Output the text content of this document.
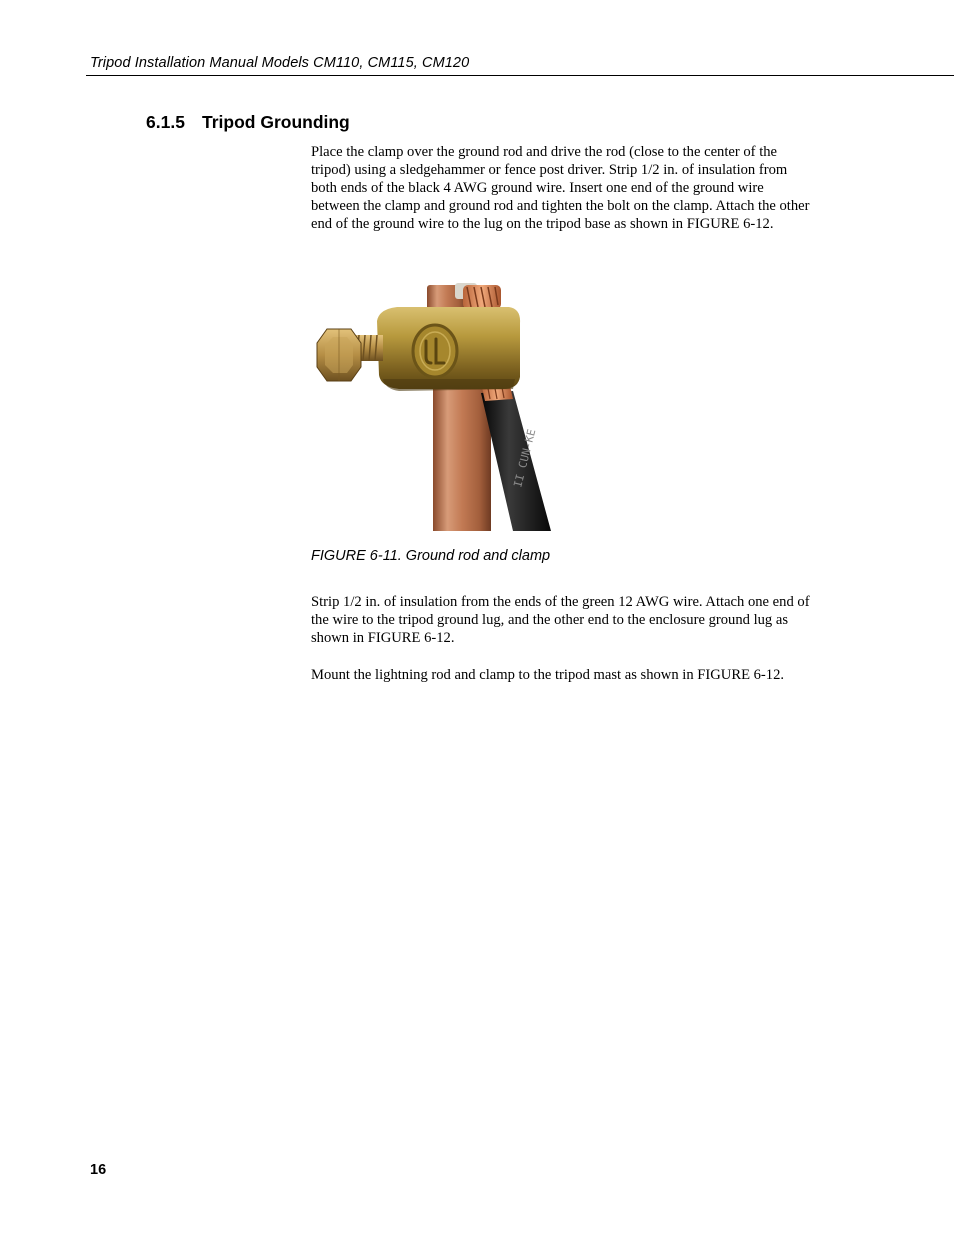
Tripod Installation Manual Models CM110, CM115, CM120
6.1.5 Tripod Grounding

Place the clamp over the ground rod and drive the rod (close to the center of the tripod) using a sledgehammer or fence post driver. Strip 1/2 in. of insulation from both ends of the black 4 AWG ground wire. Insert one end of the ground wire between the clamp and ground rod and tighten the bolt on the clamp. Attach the other end of the ground wire to the lug on the tripod base as shown in FIGURE 6-12.

II CUN-KE
FIGURE 6-11. Ground rod and clamp

Strip 1/2 in. of insulation from the ends of the green 12 AWG wire. Attach one end of the wire to the tripod ground lug, and the other end to the enclosure ground lug as shown in FIGURE 6-12.

Mount the lightning rod and clamp to the tripod mast as shown in FIGURE 6-12.

16
